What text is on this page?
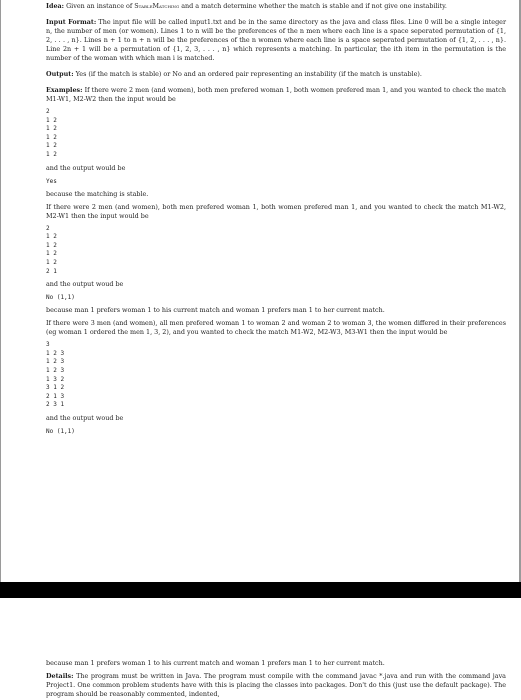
Idea: Given an instance of StableMatching and a match determine whether the match is stable and if not give one instability.

Input Format: The input file will be called input1.txt and be in the same directory as the java and class files. Line 0 will be a single integer n, the number of men (or women). Lines 1 to n will be the preferences of the n men where each line is a space seperated permutation of {1, 2, . . . , n}. Lines n + 1 to n + n will be the preferences of the n women where each line is a space seperated permutation of {1, 2, . . . , n}. Line 2n + 1 will be a permutation of {1, 2, 3, . . . , n} which represents a matching. In particular, the ith item in the permutation is the number of the woman with which man i is matched.

Output: Yes (if the match is stable) or No and an ordered pair representing an instability (if the match is unstable).

Examples: If there were 2 men (and women), both men prefered woman 1, both women prefered man 1, and you wanted to check the match M1-W1, M2-W2 then the input would be

2
1 2
1 2
1 2
1 2
1 2

and the output would be

Yes

because the matching is stable.

If there were 2 men (and women), both men prefered woman 1, both women prefered man 1, and you wanted to check the match M1-W2, M2-W1 then the input would be

2
1 2
1 2
1 2
1 2
2 1

and the output woud be

No (1,1)

because man 1 prefers woman 1 to his current match and woman 1 prefers man 1 to her current match.

If there were 3 men (and women), all men prefered woman 1 to woman 2 and woman 2 to woman 3, the women differed in their preferences (eg woman 1 ordered the men 1, 3, 2), and you wanted to check the match M1-W2, M2-W3, M3-W1 then the input would be

3
1 2 3
1 2 3
1 2 3
1 3 2
3 1 2
2 1 3
2 3 1

and the output woud be

No (1,1)

because man 1 prefers woman 1 to his current match and woman 1 prefers man 1 to her current match.

Details: The program must be written in Java. The program must compile with the command javac *.java and run with the command java Project1. One common problem students have with this is placing the classes into packages. Don't do this (just use the default package). The program should be reasonably commented, indented,
